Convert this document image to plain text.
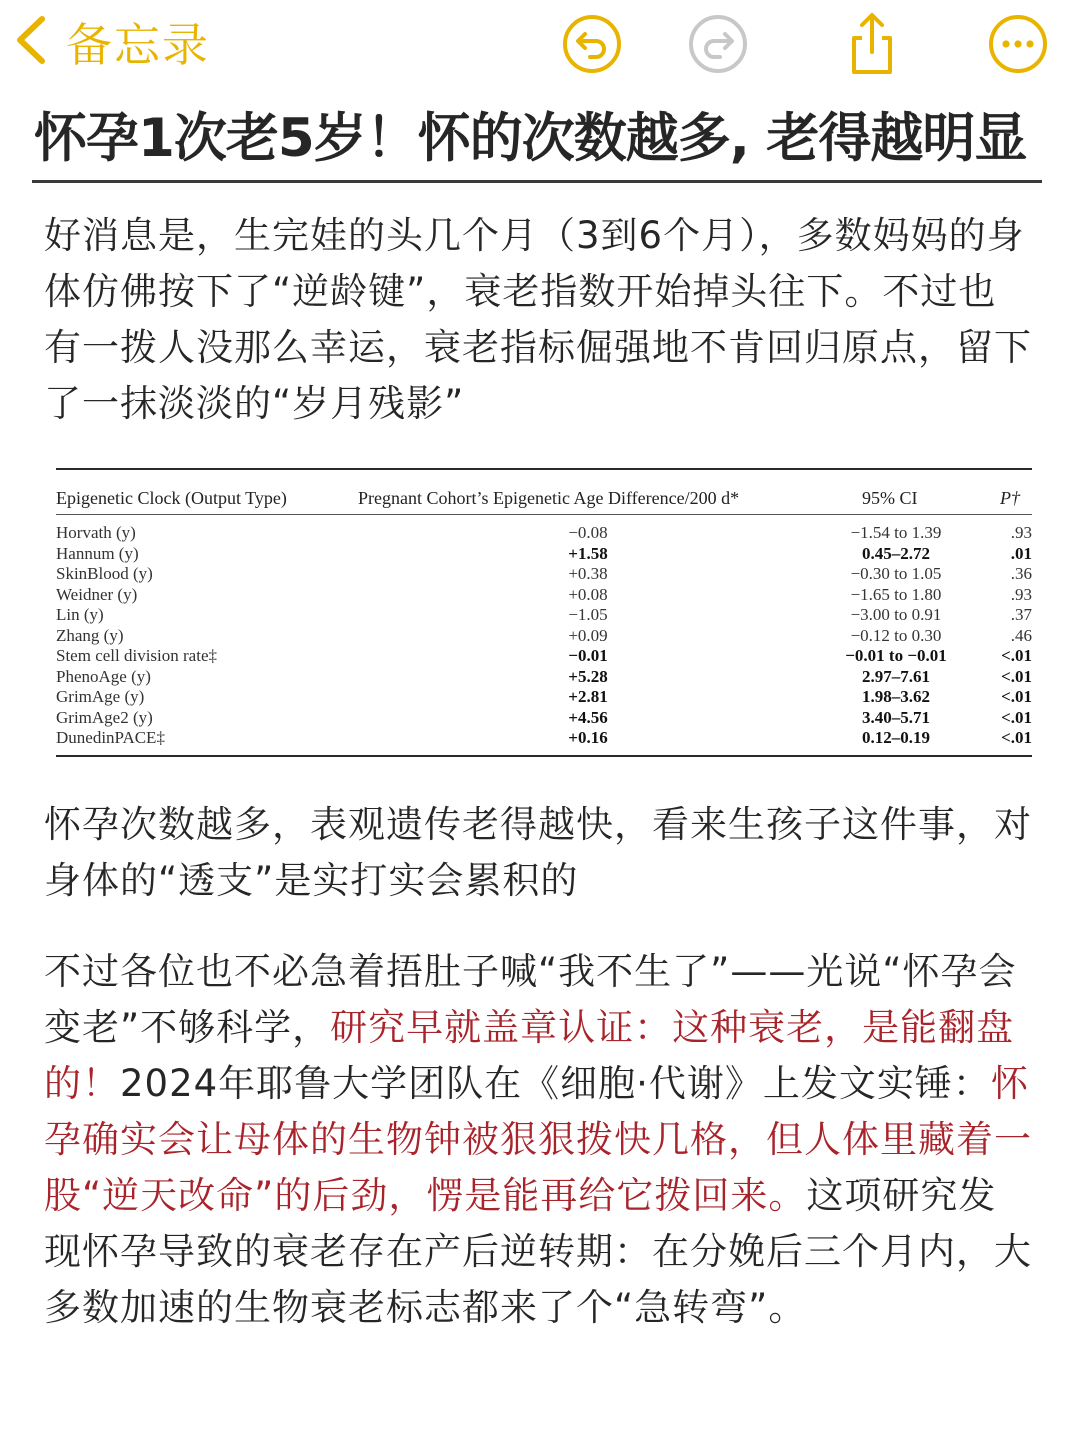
备忘录
怀孕1次老5岁！怀的次数越多, 老得越明显
好消息是，生完娃的头几个月（3到6个月），多数妈妈的身体仿佛按下了“逆龄键”，衰老指数开始掉头往下。不过也有一拨人没那么幸运，衰老指标倔强地不肯回归原点，留下了一抹淡淡的“岁月残影”
Epigenetic Clock (Output Type)	Pregnant Cohort’s Epigenetic Age Difference/200 d*	95% CI	P†
Horvath (y)	−0.08	−1.54 to 1.39	.93
Hannum (y)	+1.58	0.45–2.72	.01
SkinBlood (y)	+0.38	−0.30 to 1.05	.36
Weidner (y)	+0.08	−1.65 to 1.80	.93
Lin (y)	−1.05	−3.00 to 0.91	.37
Zhang (y)	+0.09	−0.12 to 0.30	.46
Stem cell division rate‡	−0.01	−0.01 to −0.01	<.01
PhenoAge (y)	+5.28	2.97–7.61	<.01
GrimAge (y)	+2.81	1.98–3.62	<.01
GrimAge2 (y)	+4.56	3.40–5.71	<.01
DunedinPACE‡	+0.16	0.12–0.19	<.01
怀孕次数越多，表观遗传老得越快，看来生孩子这件事，对身体的“透支”是实打实会累积的
不过各位也不必急着捂肚子喊“我不生了”——光说“怀孕会变老”不够科学，研究早就盖章认证：这种衰老，是能翻盘的！2024年耶鲁大学团队在《细胞·代谢》上发文实锤：怀孕确实会让母体的生物钟被狠狠拨快几格，但人体里藏着一股“逆天改命”的后劲，愣是能再给它拨回来。这项研究发现怀孕导致的衰老存在产后逆转期：在分娩后三个月内，大多数加速的生物衰老标志都来了个“急转弯”。
